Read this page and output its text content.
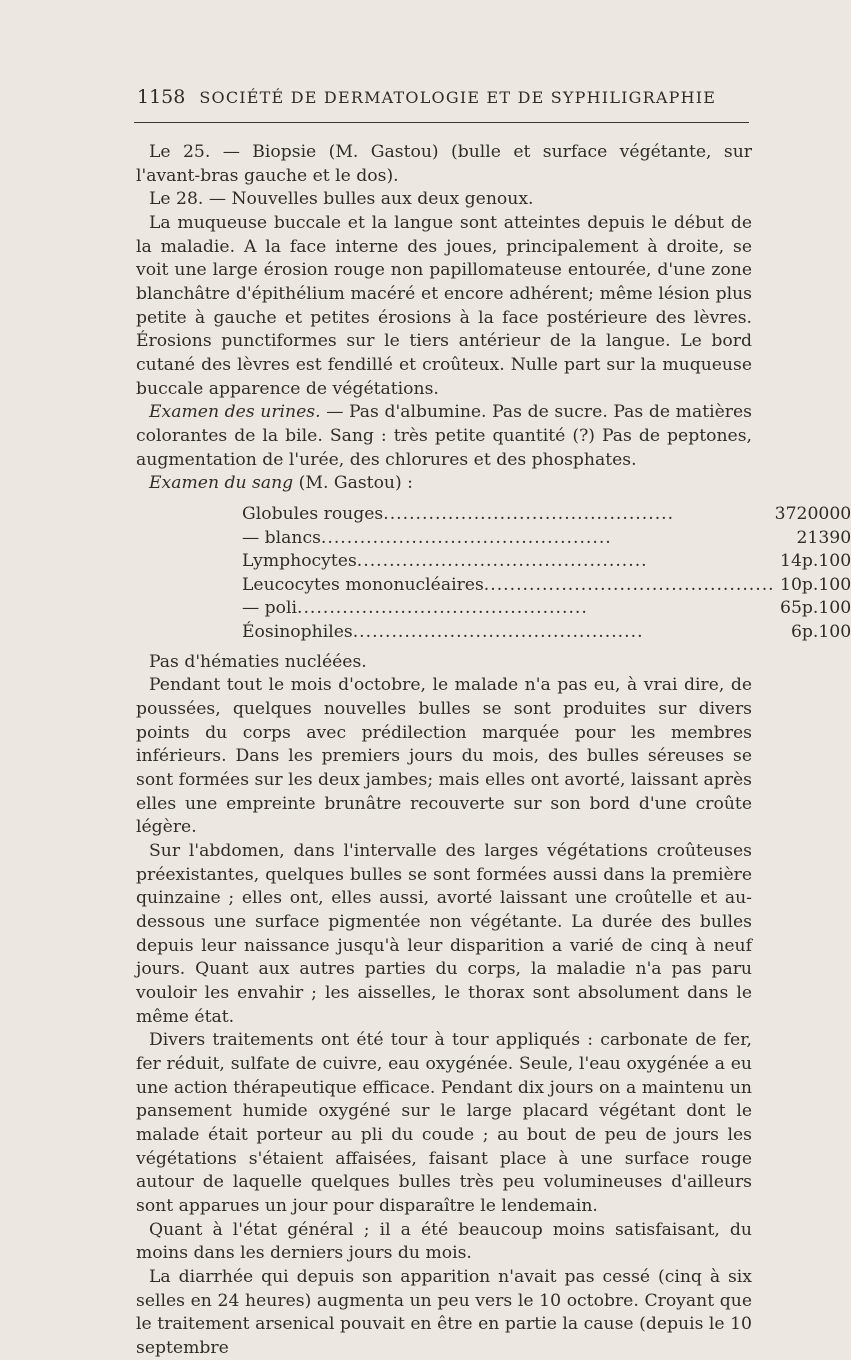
1158 SOCIÉTÉ DE DERMATOLOGIE ET DE SYPHILIGRAPHIE

Le 25. — Biopsie (M. Gastou) (bulle et surface végétante, sur l'avant-bras gauche et le dos).

Le 28. — Nouvelles bulles aux deux genoux.

La muqueuse buccale et la langue sont atteintes depuis le début de la maladie. A la face interne des joues, principalement à droite, se voit une large érosion rouge non papillomateuse entourée, d'une zone blanchâtre d'épithélium macéré et encore adhérent; même lésion plus petite à gauche et petites érosions à la face postérieure des lèvres. Érosions punctiformes sur le tiers antérieur de la langue. Le bord cutané des lèvres est fendillé et croûteux. Nulle part sur la muqueuse buccale apparence de végétations.

Examen des urines. — Pas d'albumine. Pas de sucre. Pas de matières colorantes de la bile. Sang : très petite quantité (?) Pas de peptones, augmentation de l'urée, des chlorures et des phosphates.

Examen du sang (M. Gastou) :

Globules rouges.............................................	3720000
— blancs.............................................	21390
Lymphocytes.............................................	14p.100
Leucocytes mononucléaires.............................................	10p.100
— poli.............................................	65p.100
Éosinophiles.............................................	6p.100

Pas d'hématies nucléées.

Pendant tout le mois d'octobre, le malade n'a pas eu, à vrai dire, de poussées, quelques nouvelles bulles se sont produites sur divers points du corps avec prédilection marquée pour les membres inférieurs. Dans les premiers jours du mois, des bulles séreuses se sont formées sur les deux jambes; mais elles ont avorté, laissant après elles une empreinte brunâtre recouverte sur son bord d'une croûte légère.

Sur l'abdomen, dans l'intervalle des larges végétations croûteuses préexistantes, quelques bulles se sont formées aussi dans la première quinzaine ; elles ont, elles aussi, avorté laissant une croûtelle et au-dessous une surface pigmentée non végétante. La durée des bulles depuis leur naissance jusqu'à leur disparition a varié de cinq à neuf jours. Quant aux autres parties du corps, la maladie n'a pas paru vouloir les envahir ; les aisselles, le thorax sont absolument dans le même état.

Divers traitements ont été tour à tour appliqués : carbonate de fer, fer réduit, sulfate de cuivre, eau oxygénée. Seule, l'eau oxygénée a eu une action thérapeutique efficace. Pendant dix jours on a maintenu un pansement humide oxygéné sur le large placard végétant dont le malade était porteur au pli du coude ; au bout de peu de jours les végétations s'étaient affaisées, faisant place à une surface rouge autour de laquelle quelques bulles très peu volumineuses d'ailleurs sont apparues un jour pour disparaître le lendemain.

Quant à l'état général ; il a été beaucoup moins satisfaisant, du moins dans les derniers jours du mois.

La diarrhée qui depuis son apparition n'avait pas cessé (cinq à six selles en 24 heures) augmenta un peu vers le 10 octobre. Croyant que le traitement arsenical pouvait en être en partie la cause (depuis le 10 septembre
